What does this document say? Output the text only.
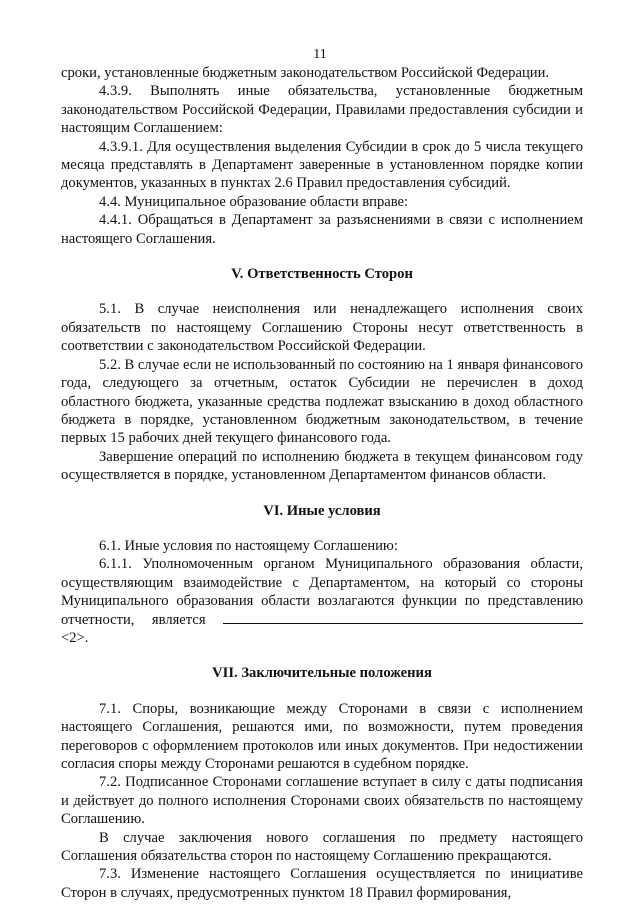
11

сроки, установленные бюджетным законодательством Российской Федерации.

4.3.9. Выполнять иные обязательства, установленные бюджетным законодательством Российской Федерации, Правилами предоставления субсидии и настоящим Соглашением:

4.3.9.1. Для осуществления выделения Субсидии в срок до 5 числа текущего месяца представлять в Департамент заверенные в установленном порядке копии документов, указанных в пунктах 2.6 Правил предоставления субсидий.

4.4. Муниципальное образование области вправе:

4.4.1. Обращаться в Департамент за разъяснениями в связи с исполнением настоящего Соглашения.

V. Ответственность Сторон

5.1. В случае неисполнения или ненадлежащего исполнения своих обязательств по настоящему Соглашению Стороны несут ответственность в соответствии с законодательством Российской Федерации.

5.2. В случае если не использованный по состоянию на 1 января финансового года, следующего за отчетным, остаток Субсидии не перечислен в доход областного бюджета, указанные средства подлежат взысканию в доход областного бюджета в порядке, установленном бюджетным законодательством, в течение первых 15 рабочих дней текущего финансового года.

Завершение операций по исполнению бюджета в текущем финансовом году осуществляется в порядке, установленном Департаментом финансов области.

VI. Иные условия

6.1. Иные условия по настоящему Соглашению:

6.1.1. Уполномоченным органом Муниципального образования области, осуществляющим взаимодействие с Департаментом, на который со стороны Муниципального образования области возлагаются функции по представлению отчетности, является  <2>.

VII. Заключительные положения

7.1. Споры, возникающие между Сторонами в связи с исполнением настоящего Соглашения, решаются ими, по возможности, путем проведения переговоров с оформлением протоколов или иных документов. При недостижении согласия споры между Сторонами решаются в судебном порядке.

7.2. Подписанное Сторонами соглашение вступает в силу с даты подписания и действует до полного исполнения Сторонами своих обязательств по настоящему Соглашению.

В случае заключения нового соглашения по предмету настоящего Соглашения обязательства сторон по настоящему Соглашению прекращаются.

7.3. Изменение настоящего Соглашения осуществляется по инициативе Сторон в случаях, предусмотренных пунктом 18 Правил формирования,
